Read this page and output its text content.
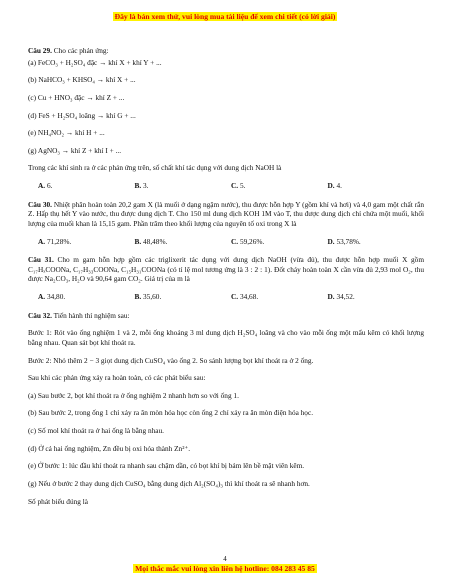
Đây là bản xem thử, vui lòng mua tài liệu để xem chi tiết (có lời giải)

Câu 29. Cho các phản ứng:

(a) FeCO₃ + H₂SO₄ đặc → khí X + khí Y + ...

(b) NaHCO₃ + KHSO₄ → khí X + ...

(c) Cu + HNO₃ đặc → khí Z + ...

(d) FeS + H₂SO₄ loãng → khí G + ...

(e) NH₄NO₂ → khí H + ...

(g) AgNO₃ → khí Z + khí I + ...

Trong các khí sinh ra ở các phản ứng trên, số chất khí tác dụng với dung dịch NaOH là

A. 6.	B. 3.	C. 5.	D. 4.

Câu 30. Nhiệt phân hoàn toàn 20,2 gam X (là muối ở dạng ngậm nước), thu được hỗn hợp Y (gồm khí và hơi) và 4,0 gam một chất rắn Z. Hấp thụ hết Y vào nước, thu được dung dịch T. Cho 150 ml dung dịch KOH 1M vào T, thu được dung dịch chỉ chứa một muối, khối lượng của muối khan là 15,15 gam. Phần trăm theo khối lượng của nguyên tố oxi trong X là

A. 71,28%.	B. 48,48%.	C. 59,26%.	D. 53,78%.

Câu 31. Cho m gam hỗn hợp gồm các triglixerit tác dụng với dung dịch NaOH (vừa đủ), thu được hỗn hợp muối X gồm C₁₇HₓCOONa, C₁₇H₃₃COONa, C₁₅H₃₁COONa (có tỉ lệ mol tương ứng là 3 : 2 : 1). Đốt cháy hoàn toàn X cần vừa đủ 2,93 mol O₂, thu được Na₂CO₃, H₂O và 90,64 gam CO₂. Giá trị của m là

A. 34,80.	B. 35,60.	C. 34,68.	D. 34,52.

Câu 32. Tiến hành thí nghiệm sau:

Bước 1: Rót vào ống nghiệm 1 và 2, mỗi ống khoảng 3 ml dung dịch H₂SO₄ loãng và cho vào mỗi ống một mẩu kẽm có khối lượng bằng nhau. Quan sát bọt khí thoát ra.

Bước 2: Nhỏ thêm 2 − 3 giọt dung dịch CuSO₄ vào ống 2. So sánh lượng bọt khí thoát ra ở 2 ống.

Sau khi các phản ứng xảy ra hoàn toàn, có các phát biểu sau:

(a) Sau bước 2, bọt khí thoát ra ở ống nghiệm 2 nhanh hơn so với ống 1.

(b) Sau bước 2, trong ống 1 chỉ xảy ra ăn mòn hóa học còn ống 2 chỉ xảy ra ăn mòn điện hóa học.

(c) Số mol khí thoát ra ở hai ống là bằng nhau.

(d) Ở cả hai ống nghiệm, Zn đều bị oxi hóa thành Zn²⁺.

(e) Ở bước 1: lúc đầu khí thoát ra nhanh sau chậm dần, có bọt khí bị bám lên bề mặt viên kẽm.

(g) Nếu ở bước 2 thay dung dịch CuSO₄ bằng dung dịch Al₂(SO₄)₃ thì khí thoát ra sẽ nhanh hơn.

Số phát biểu đúng là

4
Mọi thắc mắc vui lòng xin liên hệ hotline: 084 283 45 85
